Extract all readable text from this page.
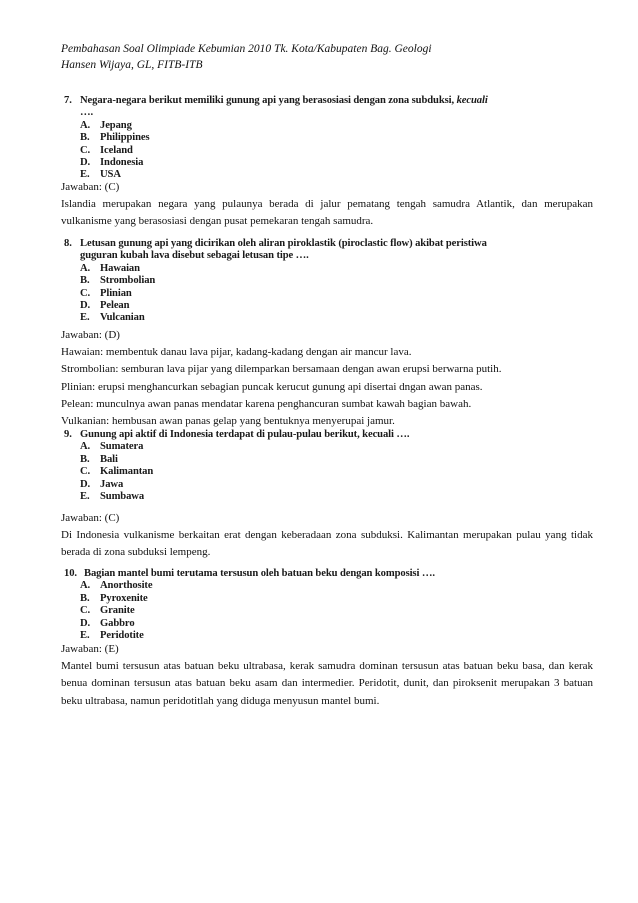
Pembahasan Soal Olimpiade Kebumian 2010 Tk. Kota/Kabupaten Bag. Geologi
Hansen Wijaya, GL, FITB-ITB
7. Negara-negara berikut memiliki gunung api yang berasosiasi dengan zona subduksi, kecuali
….
A. Jepang
B. Philippines
C. Iceland
D. Indonesia
E. USA

Jawaban: (C)

Islandia merupakan negara yang pulaunya berada di jalur pematang tengah samudra Atlantik, dan merupakan vulkanisme yang berasosiasi dengan pusat pemekaran tengah samudra.

8. Letusan gunung api yang dicirikan oleh aliran piroklastik (piroclastic flow) akibat peristiwa
guguran kubah lava disebut sebagai letusan tipe ….
A. Hawaian
B. Strombolian
C. Plinian
D. Pelean
E. Vulcanian

Jawaban: (D)

Hawaian: membentuk danau lava pijar, kadang-kadang dengan air mancur lava.

Strombolian: semburan lava pijar yang dilemparkan bersamaan dengan awan erupsi berwarna putih.

Plinian: erupsi menghancurkan sebagian puncak kerucut gunung api disertai dngan awan panas.

Pelean: munculnya awan panas mendatar karena penghancuran sumbat kawah bagian bawah.

Vulkanian: hembusan awan panas gelap yang bentuknya menyerupai jamur.

9. Gunung api aktif di Indonesia terdapat di pulau-pulau berikut, kecuali ….
A. Sumatera
B. Bali
C. Kalimantan
D. Jawa
E. Sumbawa

Jawaban: (C)

Di Indonesia vulkanisme berkaitan erat dengan keberadaan zona subduksi. Kalimantan merupakan pulau yang tidak berada di zona subduksi lempeng.

10. Bagian mantel bumi terutama tersusun oleh batuan beku dengan komposisi ….
A. Anorthosite
B. Pyroxenite
C. Granite
D. Gabbro
E. Peridotite

Jawaban: (E)

Mantel bumi tersusun atas batuan beku ultrabasa, kerak samudra dominan tersusun atas batuan beku basa, dan kerak benua dominan tersusun atas batuan beku asam dan intermedier. Peridotit, dunit, dan piroksenit merupakan 3 batuan beku ultrabasa, namun peridotitlah yang diduga menyusun mantel bumi.
